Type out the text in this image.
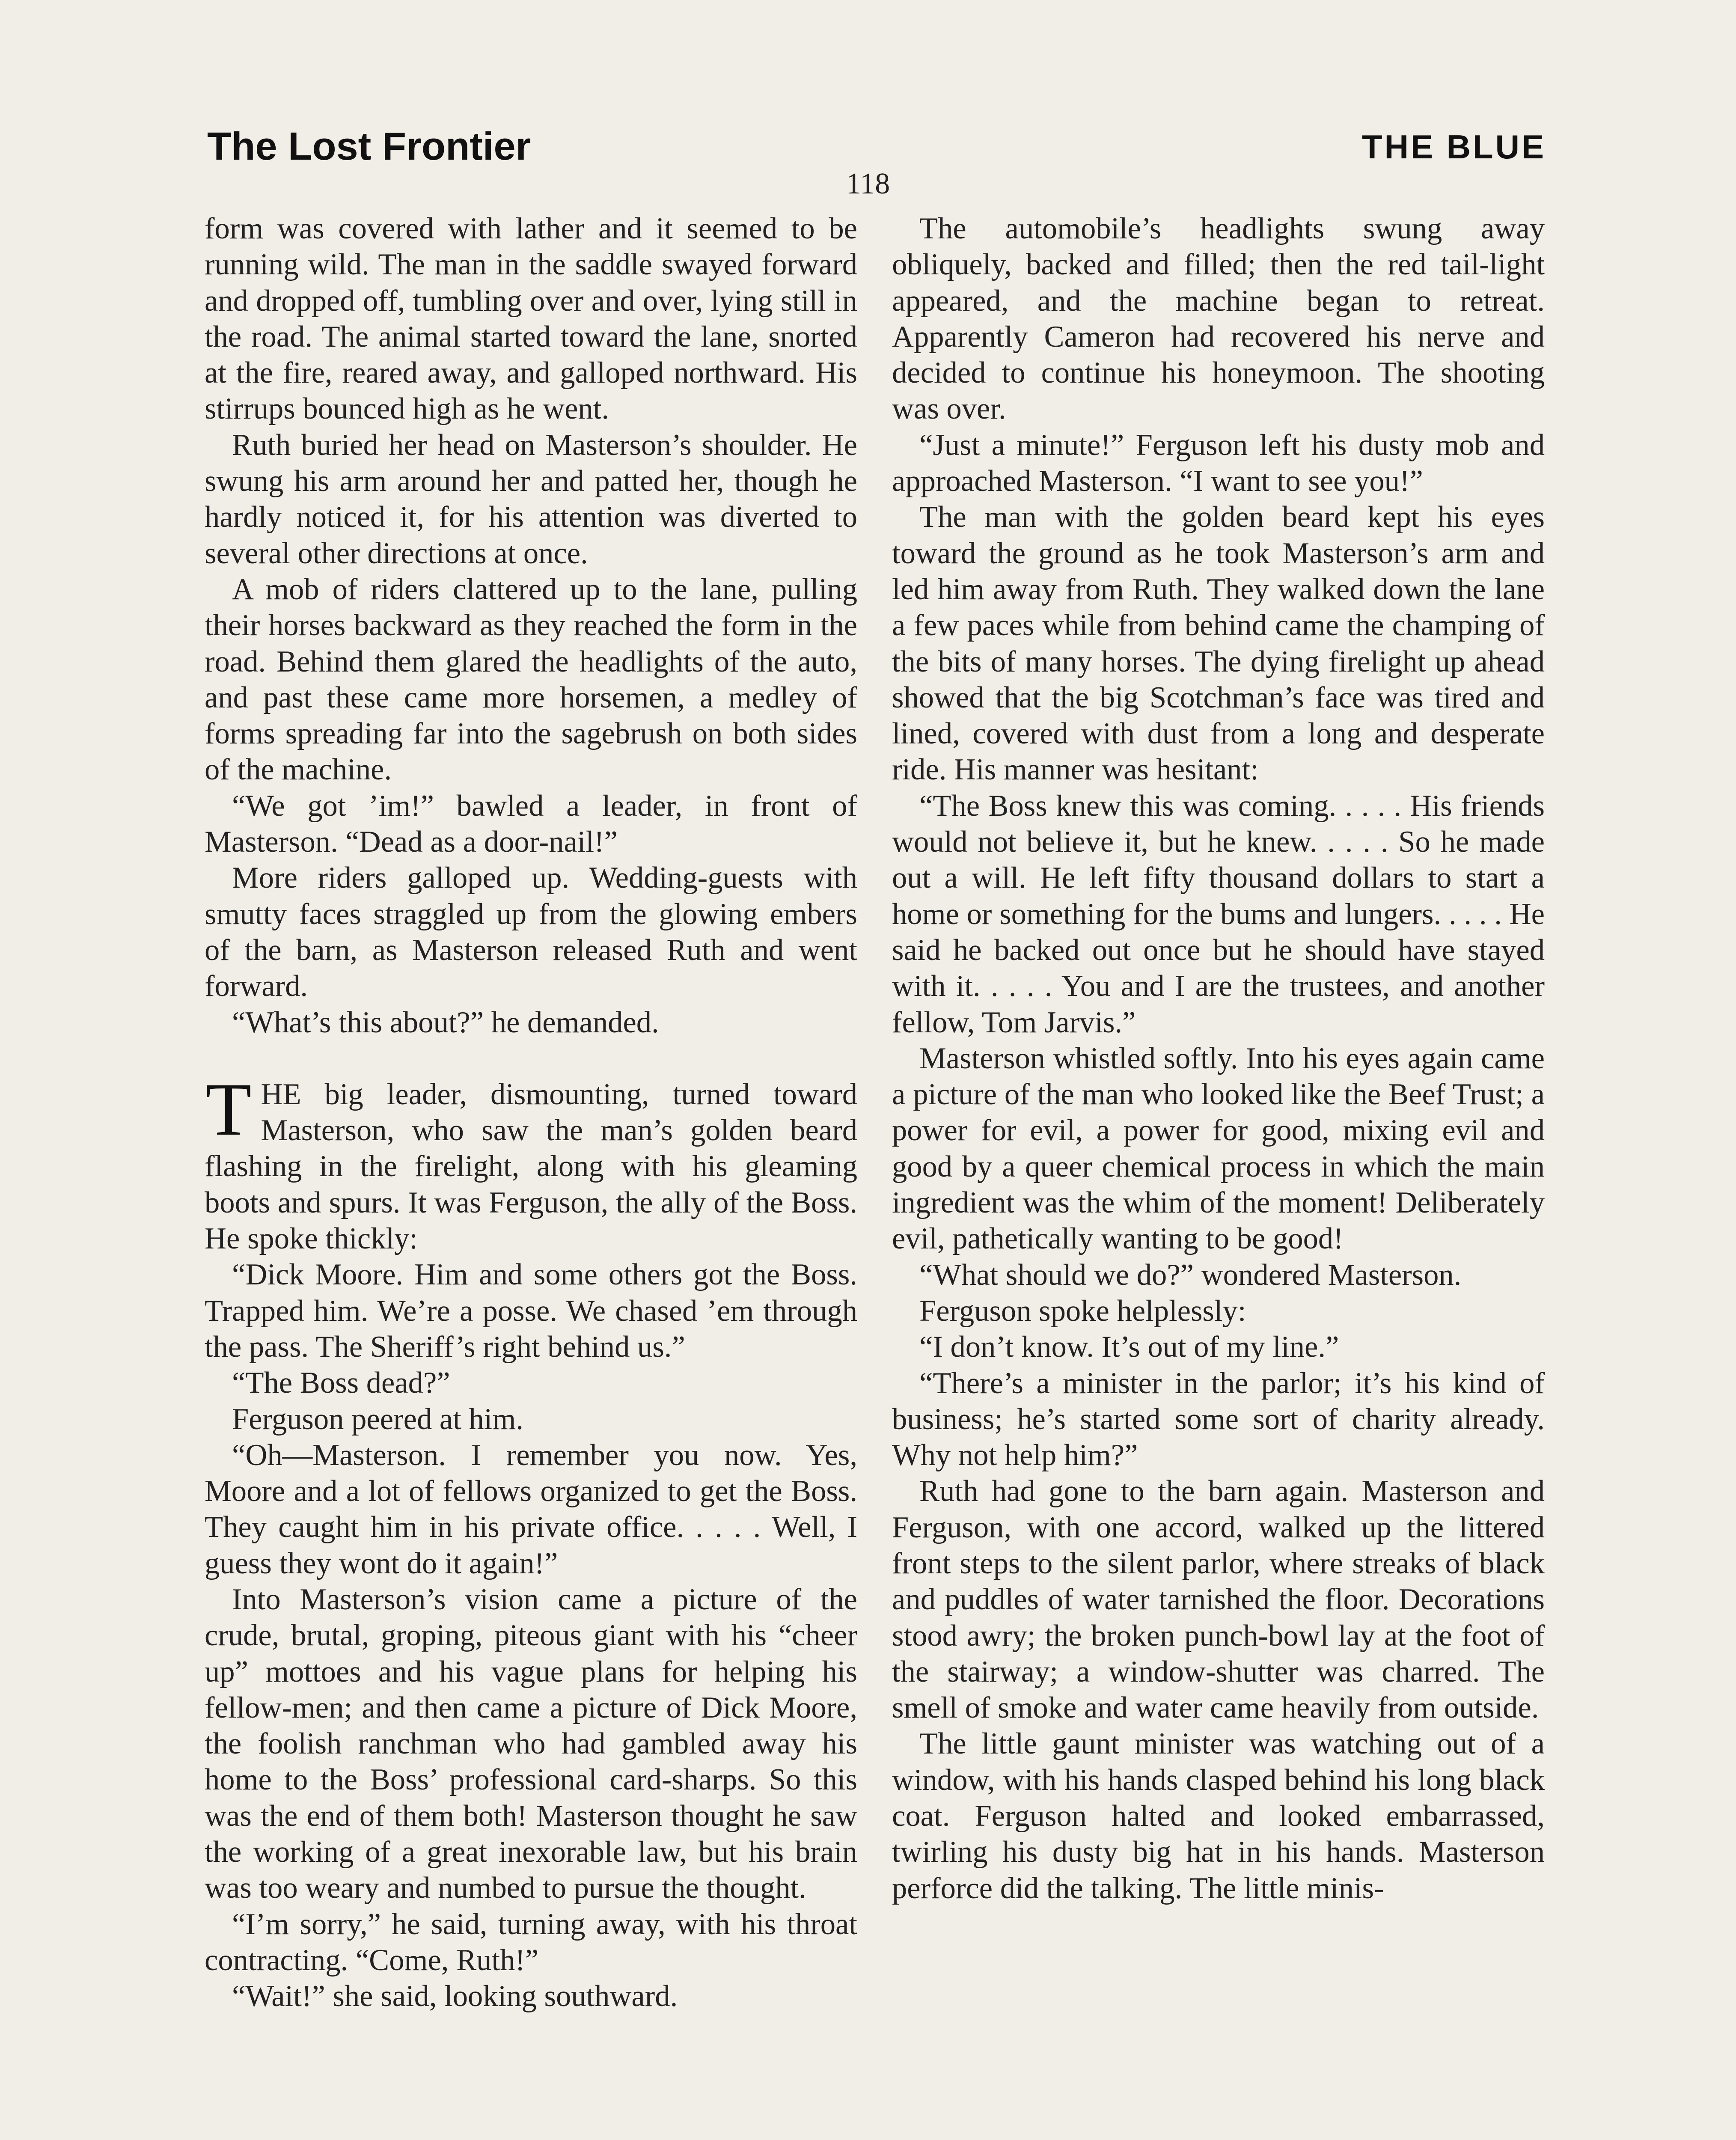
The Lost Frontier	THE BLUE
118

form was covered with lather and it seemed to be running wild. The man in the saddle swayed forward and dropped off, tumbling over and over, lying still in the road. The animal started toward the lane, snorted at the fire, reared away, and galloped northward. His stirrups bounced high as he went.

Ruth buried her head on Masterson’s shoulder. He swung his arm around her and patted her, though he hardly noticed it, for his attention was diverted to several other directions at once.

A mob of riders clattered up to the lane, pulling their horses backward as they reached the form in the road. Behind them glared the headlights of the auto, and past these came more horsemen, a medley of forms spreading far into the sagebrush on both sides of the machine.

“We got ’im!” bawled a leader, in front of Masterson. “Dead as a door-nail!”

More riders galloped up. Wedding-guests with smutty faces straggled up from the glowing embers of the barn, as Masterson released Ruth and went forward.

“What’s this about?” he demanded.

THE big leader, dismounting, turned toward Masterson, who saw the man’s golden beard flashing in the firelight, along with his gleaming boots and spurs. It was Ferguson, the ally of the Boss. He spoke thickly:

“Dick Moore. Him and some others got the Boss. Trapped him. We’re a posse. We chased ’em through the pass. The Sheriff’s right behind us.”

“The Boss dead?”

Ferguson peered at him.

“Oh—Masterson. I remember you now. Yes, Moore and a lot of fellows organized to get the Boss. They caught him in his private office. . . . . Well, I guess they wont do it again!”

Into Masterson’s vision came a picture of the crude, brutal, groping, piteous giant with his “cheer up” mottoes and his vague plans for helping his fellow-men; and then came a picture of Dick Moore, the foolish ranchman who had gambled away his home to the Boss’ professional card-sharps. So this was the end of them both! Masterson thought he saw the working of a great inexorable law, but his brain was too weary and numbed to pursue the thought.

“I’m sorry,” he said, turning away, with his throat contracting. “Come, Ruth!”

“Wait!” she said, looking southward.

The automobile’s headlights swung away obliquely, backed and filled; then the red tail-light appeared, and the machine began to retreat. Apparently Cameron had recovered his nerve and decided to continue his honeymoon. The shooting was over.

“Just a minute!” Ferguson left his dusty mob and approached Masterson. “I want to see you!”

The man with the golden beard kept his eyes toward the ground as he took Masterson’s arm and led him away from Ruth. They walked down the lane a few paces while from behind came the champing of the bits of many horses. The dying firelight up ahead showed that the big Scotchman’s face was tired and lined, covered with dust from a long and desperate ride. His manner was hesitant:

“The Boss knew this was coming. . . . . His friends would not believe it, but he knew. . . . . So he made out a will. He left fifty thousand dollars to start a home or something for the bums and lungers. . . . . He said he backed out once but he should have stayed with it. . . . . You and I are the trustees, and another fellow, Tom Jarvis.”

Masterson whistled softly. Into his eyes again came a picture of the man who looked like the Beef Trust; a power for evil, a power for good, mixing evil and good by a queer chemical process in which the main ingredient was the whim of the moment! Deliberately evil, pathetically wanting to be good!

“What should we do?” wondered Masterson.

Ferguson spoke helplessly:

“I don’t know. It’s out of my line.”

“There’s a minister in the parlor; it’s his kind of business; he’s started some sort of charity already. Why not help him?”

Ruth had gone to the barn again. Masterson and Ferguson, with one accord, walked up the littered front steps to the silent parlor, where streaks of black and puddles of water tarnished the floor. Decorations stood awry; the broken punch-bowl lay at the foot of the stairway; a window-shutter was charred. The smell of smoke and water came heavily from outside.

The little gaunt minister was watching out of a window, with his hands clasped behind his long black coat. Ferguson halted and looked embarrassed, twirling his dusty big hat in his hands. Masterson perforce did the talking. The little minis-
